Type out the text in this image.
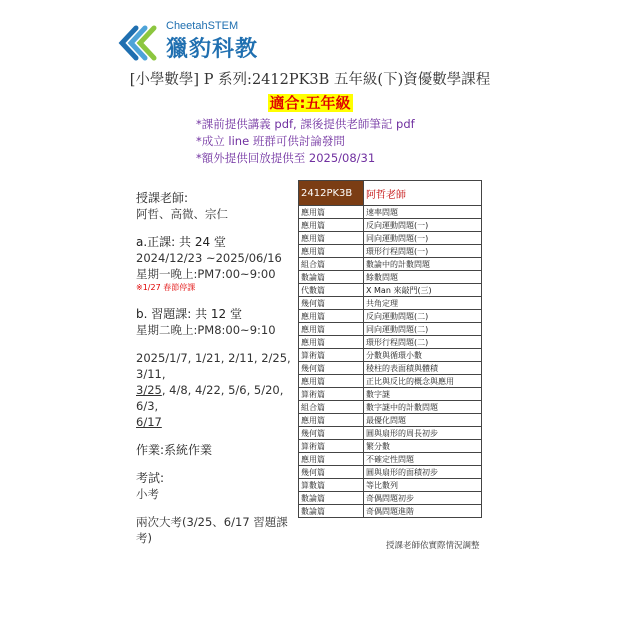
CheetahSTEM
獵豹科教
[小學數學] P 系列:2412PK3B 五年級(下)資優數學課程
適合:五年級
*課前提供講義 pdf, 課後提供老師筆記 pdf
*成立 line 班群可供討論發問
*額外提供回放提供至 2025/08/31
授課老師:
阿哲、高微、宗仁
a.正課: 共 24 堂
2024/12/23 ~2025/06/16
星期一晚上:PM7:00~9:00
※1/27 春節停課
b. 習題課: 共 12 堂
星期二晚上:PM8:00~9:10
2025/1/7, 1/21, 2/11, 2/25, 3/11,
3/25, 4/8, 4/22, 5/6, 5/20, 6/3,
6/17
作業:系統作業
考試:
小考
兩次大考(3/25、6/17 習題課考)
2412PK3B	阿哲老師
應用篇	速率問題
應用篇	反向運動問題(一)
應用篇	同向運動問題(一)
應用篇	環形行程問題(一)
組合篇	數論中的計數問題
數論篇	餘數問題
代數篇	X Man 來敲門(三)
幾何篇	共角定理
應用篇	反向運動問題(二)
應用篇	同向運動問題(二)
應用篇	環形行程問題(二)
算術篇	分數與循環小數
幾何篇	稜柱的表面積與體積
應用篇	正比與反比的概念與應用
算術篇	數字謎
組合篇	數字謎中的計數問題
應用篇	最優化問題
幾何篇	圓與扇形的周長初步
算術篇	繁分數
應用篇	不確定性問題
幾何篇	圓與扇形的面積初步
算數篇	等比數列
數論篇	奇偶問題初步
數論篇	奇偶問題進階
授課老師依實際情況調整
